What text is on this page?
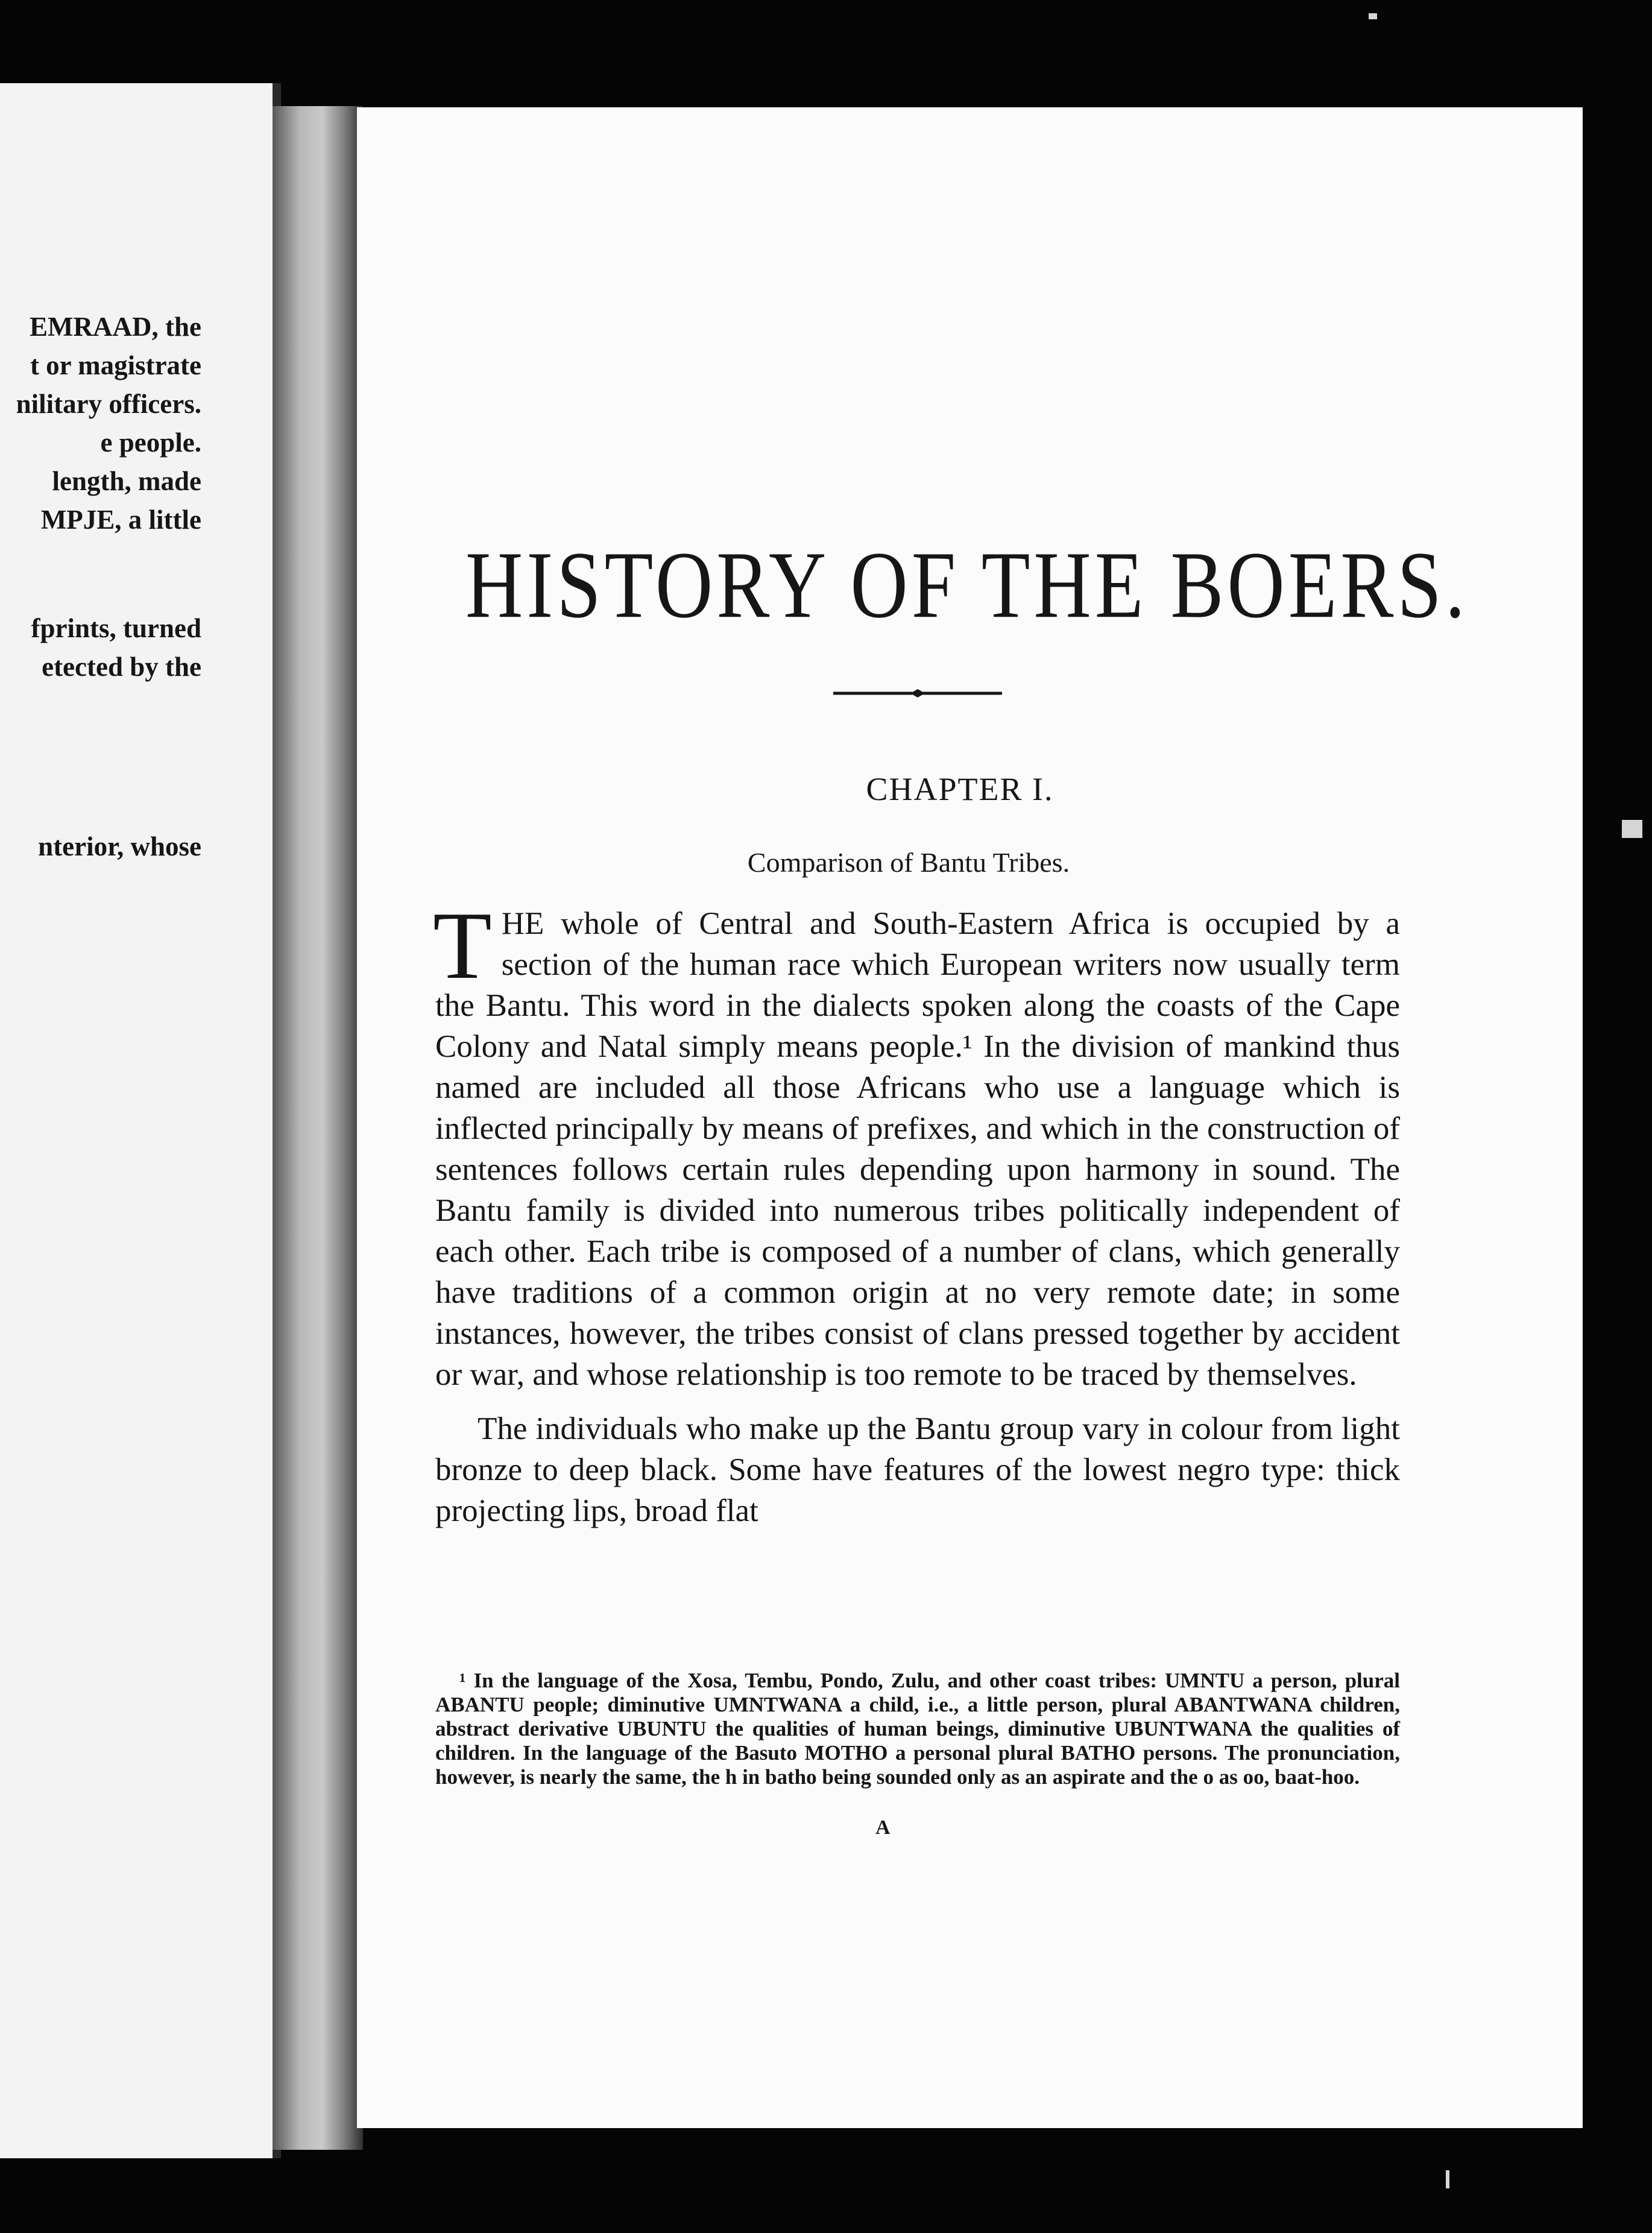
EMRAAD, the
t or magistrate
nilitary officers.
e people.
length, made
MPJE, a little
fprints, turned
etected by the
nterior, whose
HISTORY OF THE BOERS.
CHAPTER I.
Comparison of Bantu Tribes.

THE whole of Central and South-Eastern Africa is occupied by a section of the human race which European writers now usually term the Bantu. This word in the dialects spoken along the coasts of the Cape Colony and Natal simply means people.¹ In the division of mankind thus named are included all those Africans who use a language which is inflected principally by means of prefixes, and which in the construction of sentences follows certain rules depending upon harmony in sound. The Bantu family is divided into numerous tribes politically independent of each other. Each tribe is composed of a number of clans, which generally have traditions of a common origin at no very remote date; in some instances, however, the tribes consist of clans pressed together by accident or war, and whose relationship is too remote to be traced by themselves.

The individuals who make up the Bantu group vary in colour from light bronze to deep black. Some have features of the lowest negro type: thick projecting lips, broad flat

¹ In the language of the Xosa, Tembu, Pondo, Zulu, and other coast tribes: UMNTU a person, plural ABANTU people; diminutive UMNTWANA a child, i.e., a little person, plural ABANTWANA children, abstract derivative UBUNTU the qualities of human beings, diminutive UBUNTWANA the qualities of children. In the language of the Basuto MOTHO a personal plural BATHO persons. The pronunciation, however, is nearly the same, the h in batho being sounded only as an aspirate and the o as oo, baat-hoo.

A
